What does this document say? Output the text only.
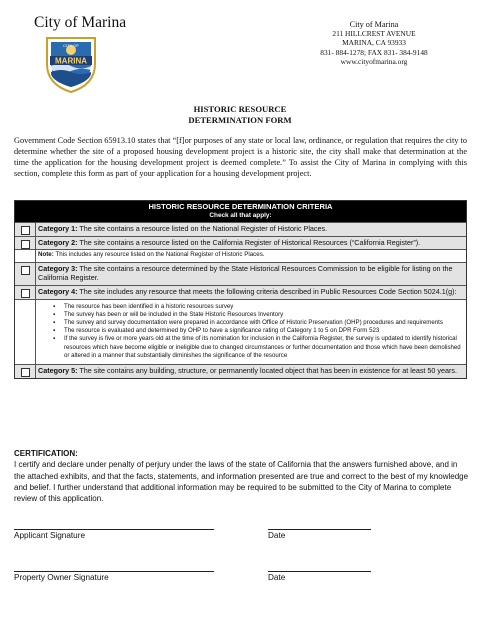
City of Marina
CITY OF
MARINA
City of Marina
211 HILLCREST AVENUE
MARINA, CA 93933
831- 884-1278; FAX 831- 384-9148
www.cityofmarina.org
HISTORIC RESOURCE
DETERMINATION FORM
Government Code Section 65913.10 states that “[f]or purposes of any state or local law, ordinance, or regulation that requires the city to determine whether the site of a proposed housing development project is a historic site, the city shall make that determination at the time the application for the housing development project is deemed complete.” To assist the City of Marina in complying with this section, complete this form as part of your application for a housing development project.
HISTORIC RESOURCE DETERMINATION CRITERIA
Check all that apply:
Category 1: The site contains a resource listed on the National Register of Historic Places.
Category 2: The site contains a resource listed on the California Register of Historical Resources (“California Register”).
Note: This includes any resource listed on the National Register of Historic Places.
Category 3: The site contains a resource determined by the State Historical Resources Commission to be eligible for listing on the California Register.
Category 4: The site includes any resource that meets the following criteria described in Public Resources Code Section 5024.1(g):
▪ The resource has been identified in a historic resources survey
▪ The survey has been or will be included in the State Historic Resources Inventory
▪ The survey and survey documentation were prepared in accordance with Office of Historic Preservation (OHP) procedures and requirements
▪ The resource is evaluated and determined by OHP to have a significance rating of Category 1 to 5 on DPR Form 523
▪ If the survey is five or more years old at the time of its nomination for inclusion in the California Register, the survey is updated to identify historical resources which have become eligible or ineligible due to changed circumstances or further documentation and those which have been demolished or altered in a manner that substantially diminishes the significance of the resource
Category 5: The site contains any building, structure, or permanently located object that has been in existence for at least 50 years.
CERTIFICATION:
I certify and declare under penalty of perjury under the laws of the state of California that the answers furnished above, and in the attached exhibits, and that the facts, statements, and information presented are true and correct to the best of my knowledge and belief. I further understand that additional information may be required to be submitted to the City of Marina to complete review of this application.
Applicant Signature	Date
Property Owner Signature	Date
